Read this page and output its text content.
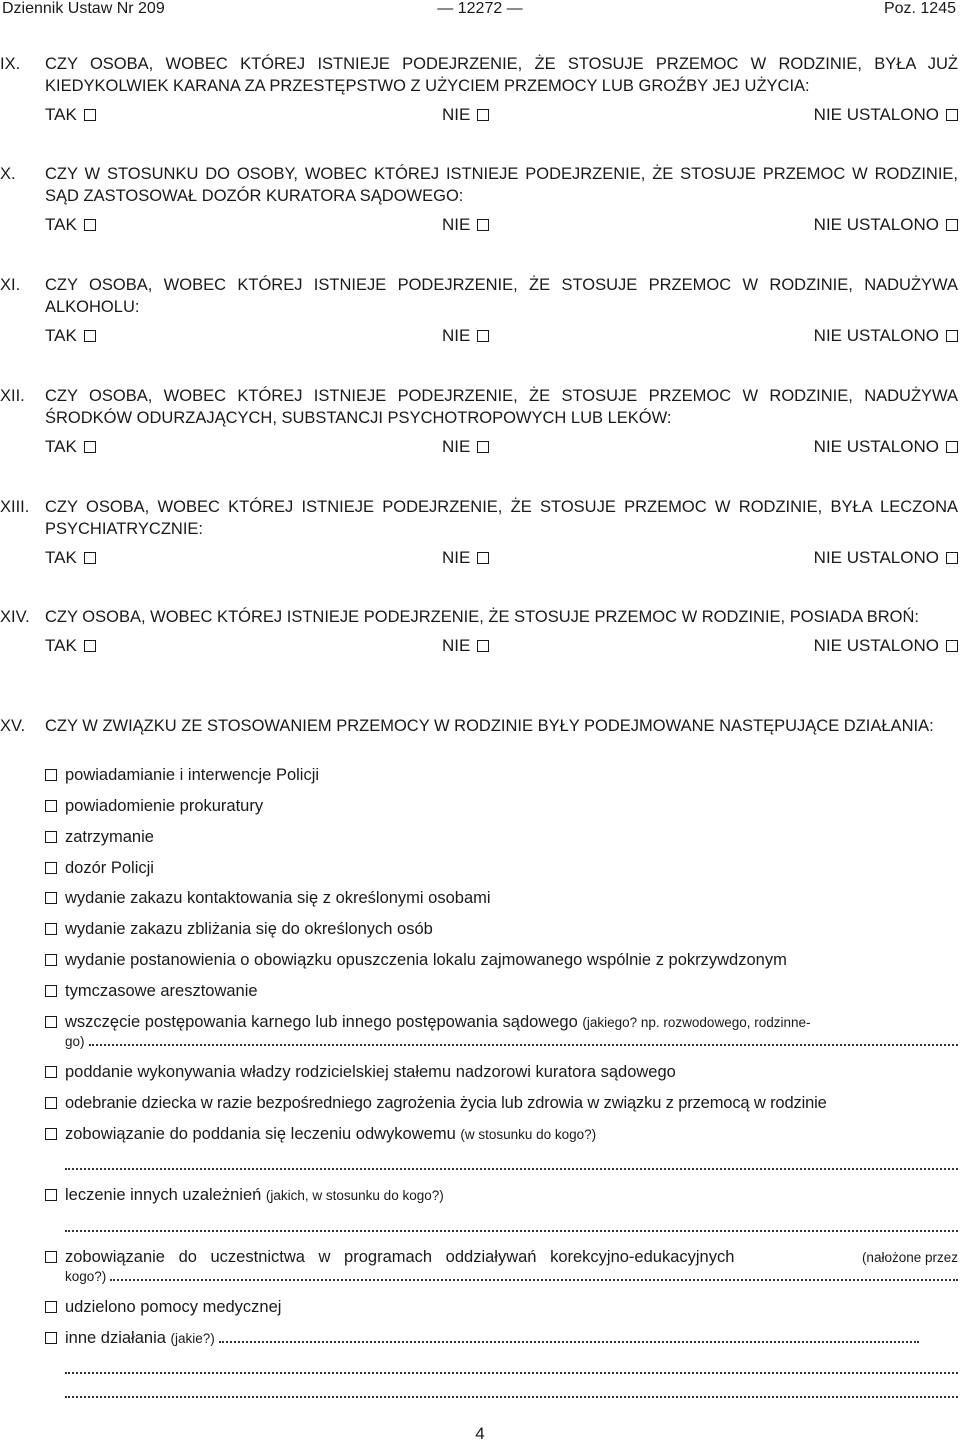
Dziennik Ustaw Nr 209	— 12272 —	Poz. 1245
IX.	CZY OSOBA, WOBEC KTÓREJ ISTNIEJE PODEJRZENIE, ŻE STOSUJE PRZEMOC W RODZINIE, BYŁA JUŻ KIEDYKOLWIEK KARANA ZA PRZESTĘPSTWO Z UŻYCIEM PRZEMOCY LUB GROŹBY JEJ UŻYCIA:
TAK	NIE	NIE USTALONO
X.	CZY W STOSUNKU DO OSOBY, WOBEC KTÓREJ ISTNIEJE PODEJRZENIE, ŻE STOSUJE PRZEMOC W RODZINIE, SĄD ZASTOSOWAŁ DOZÓR KURATORA SĄDOWEGO:
TAK	NIE	NIE USTALONO
XI.	CZY OSOBA, WOBEC KTÓREJ ISTNIEJE PODEJRZENIE, ŻE STOSUJE PRZEMOC W RODZINIE, NADUŻYWA ALKOHOLU:
TAK	NIE	NIE USTALONO
XII.	CZY OSOBA, WOBEC KTÓREJ ISTNIEJE PODEJRZENIE, ŻE STOSUJE PRZEMOC W RODZINIE, NADUŻYWA ŚRODKÓW ODURZAJĄCYCH, SUBSTANCJI PSYCHOTROPOWYCH LUB LEKÓW:
TAK	NIE	NIE USTALONO
XIII. CZY OSOBA, WOBEC KTÓREJ ISTNIEJE PODEJRZENIE, ŻE STOSUJE PRZEMOC W RODZINIE, BYŁA LECZONA PSYCHIATRYCZNIE:
TAK	NIE	NIE USTALONO
XIV. CZY OSOBA, WOBEC KTÓREJ ISTNIEJE PODEJRZENIE, ŻE STOSUJE PRZEMOC W RODZINIE, POSIADA BROŃ:
TAK	NIE	NIE USTALONO
XV.	CZY W ZWIĄZKU ZE STOSOWANIEM PRZEMOCY W RODZINIE BYŁY PODEJMOWANE NASTĘPUJĄCE DZIAŁANIA:
powiadamianie i interwencje Policji
powiadomienie prokuratury
zatrzymanie
dozór Policji
wydanie zakazu kontaktowania się z określonymi osobami
wydanie zakazu zbliżania się do określonych osób
wydanie postanowienia o obowiązku opuszczenia lokalu zajmowanego wspólnie z pokrzywdzonym
tymczasowe aresztowanie
wszczęcie postępowania karnego lub innego postępowania sądowego
(jakiego? np. rozwodowego, rodzinne-
go)
poddanie wykonywania władzy rodzicielskiej stałemu nadzorowi kuratora sądowego
odebranie dziecka w razie bezpośredniego zagrożenia życia lub zdrowia w związku z przemocą w rodzinie
zobowiązanie do poddania się leczeniu odwykowemu
(w stosunku do kogo?)
leczenie innych uzależnień
(jakich, w stosunku do kogo?)
zobowiązanie do uczestnictwa w programach oddziaływań korekcyjno-edukacyjnych	(nałożone przez
kogo?)
udzielono pomocy medycznej
inne działania
(jakie?)
4
